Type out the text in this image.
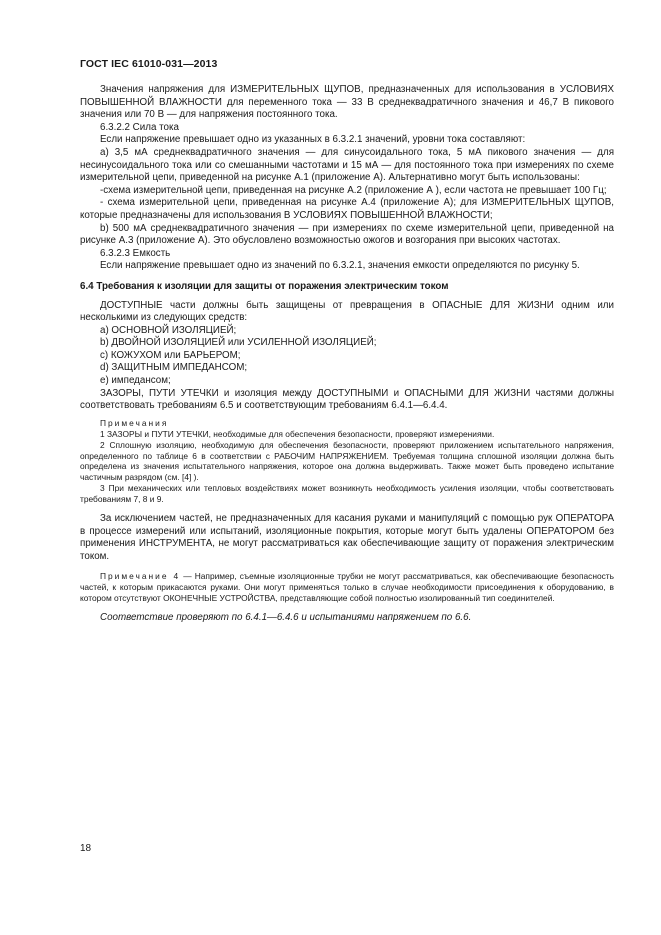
ГОСТ IEC 61010-031—2013

Значения напряжения для ИЗМЕРИТЕЛЬНЫХ ЩУПОВ, предназначенных для использования в УСЛОВИЯХ ПОВЫШЕННОЙ ВЛАЖНОСТИ для переменного тока — 33 В среднеквадратичного значения и 46,7 В пикового значения или 70 В — для напряжения постоянного тока.

6.3.2.2 Сила тока

Если напряжение превышает одно из указанных в 6.3.2.1 значений, уровни тока составляют:

a) 3,5 мА среднеквадратичного значения — для синусоидального тока, 5 мА пикового значения — для несинусоидального тока или со смешанными частотами и 15 мА — для постоянного тока при измерениях по схеме измерительной цепи, приведенной на рисунке А.1 (приложение А). Альтернативно могут быть использованы:

-схема измерительной цепи, приведенная на рисунке А.2 (приложение А ), если частота не превышает 100 Гц;

- схема измерительной цепи, приведенная на рисунке А.4 (приложение А); для ИЗМЕРИТЕЛЬНЫХ ЩУПОВ, которые предназначены для использования В УСЛОВИЯХ ПОВЫШЕННОЙ ВЛАЖНОСТИ;

b) 500 мА среднеквадратичного значения — при измерениях по схеме измерительной цепи, приведенной на рисунке А.3 (приложение А). Это обусловлено возможностью ожогов и возгорания при высоких частотах.

6.3.2.3 Емкость

Если напряжение превышает одно из значений по 6.3.2.1, значения емкости определяются по рисунку 5.

6.4 Требования к изоляции для защиты от поражения электрическим током

ДОСТУПНЫЕ части должны быть защищены от превращения в ОПАСНЫЕ ДЛЯ ЖИЗНИ одним или несколькими из следующих средств:

a) ОСНОВНОЙ ИЗОЛЯЦИЕЙ;

b) ДВОЙНОЙ ИЗОЛЯЦИЕЙ или УСИЛЕННОЙ ИЗОЛЯЦИЕЙ;

c) КОЖУХОМ или БАРЬЕРОМ;

d) ЗАЩИТНЫМ ИМПЕДАНСОМ;

e) импедансом;

ЗАЗОРЫ, ПУТИ УТЕЧКИ и изоляция между ДОСТУПНЫМИ и ОПАСНЫМИ ДЛЯ ЖИЗНИ частями должны соответствовать требованиям 6.5 и соответствующим требованиям 6.4.1—6.4.4.

Примечания

1 ЗАЗОРЫ и ПУТИ УТЕЧКИ, необходимые для обеспечения безопасности, проверяют измерениями.

2 Сплошную изоляцию, необходимую для обеспечения безопасности, проверяют приложением испытательного напряжения, определенного по таблице 6 в соответствии с РАБОЧИМ НАПРЯЖЕНИЕМ. Требуемая толщина сплошной изоляции должна быть определена из значения испытательного напряжения, которое она должна выдерживать. Также может быть проведено испытание частичным разрядом (см. [4] ).

3 При механических или тепловых воздействиях может возникнуть необходимость усиления изоляции, чтобы соответствовать требованиям 7, 8 и 9.

За исключением частей, не предназначенных для касания руками и манипуляций с помощью рук ОПЕРАТОРА в процессе измерений или испытаний, изоляционные покрытия, которые могут быть удалены ОПЕРАТОРОМ без применения ИНСТРУМЕНТА, не могут рассматриваться как обеспечивающие защиту от поражения электрическим током.

Примечание 4 — Например, съемные изоляционные трубки не могут рассматриваться, как обеспечивающие безопасность частей, к которым прикасаются руками. Они могут применяться только в случае необходимости присоединения к оборудованию, в котором отсутствуют ОКОНЕЧНЫЕ УСТРОЙСТВА, представляющие собой полностью изолированный тип соединителей.

Соответствие проверяют по 6.4.1—6.4.6 и испытаниями напряжением по 6.6.

18
